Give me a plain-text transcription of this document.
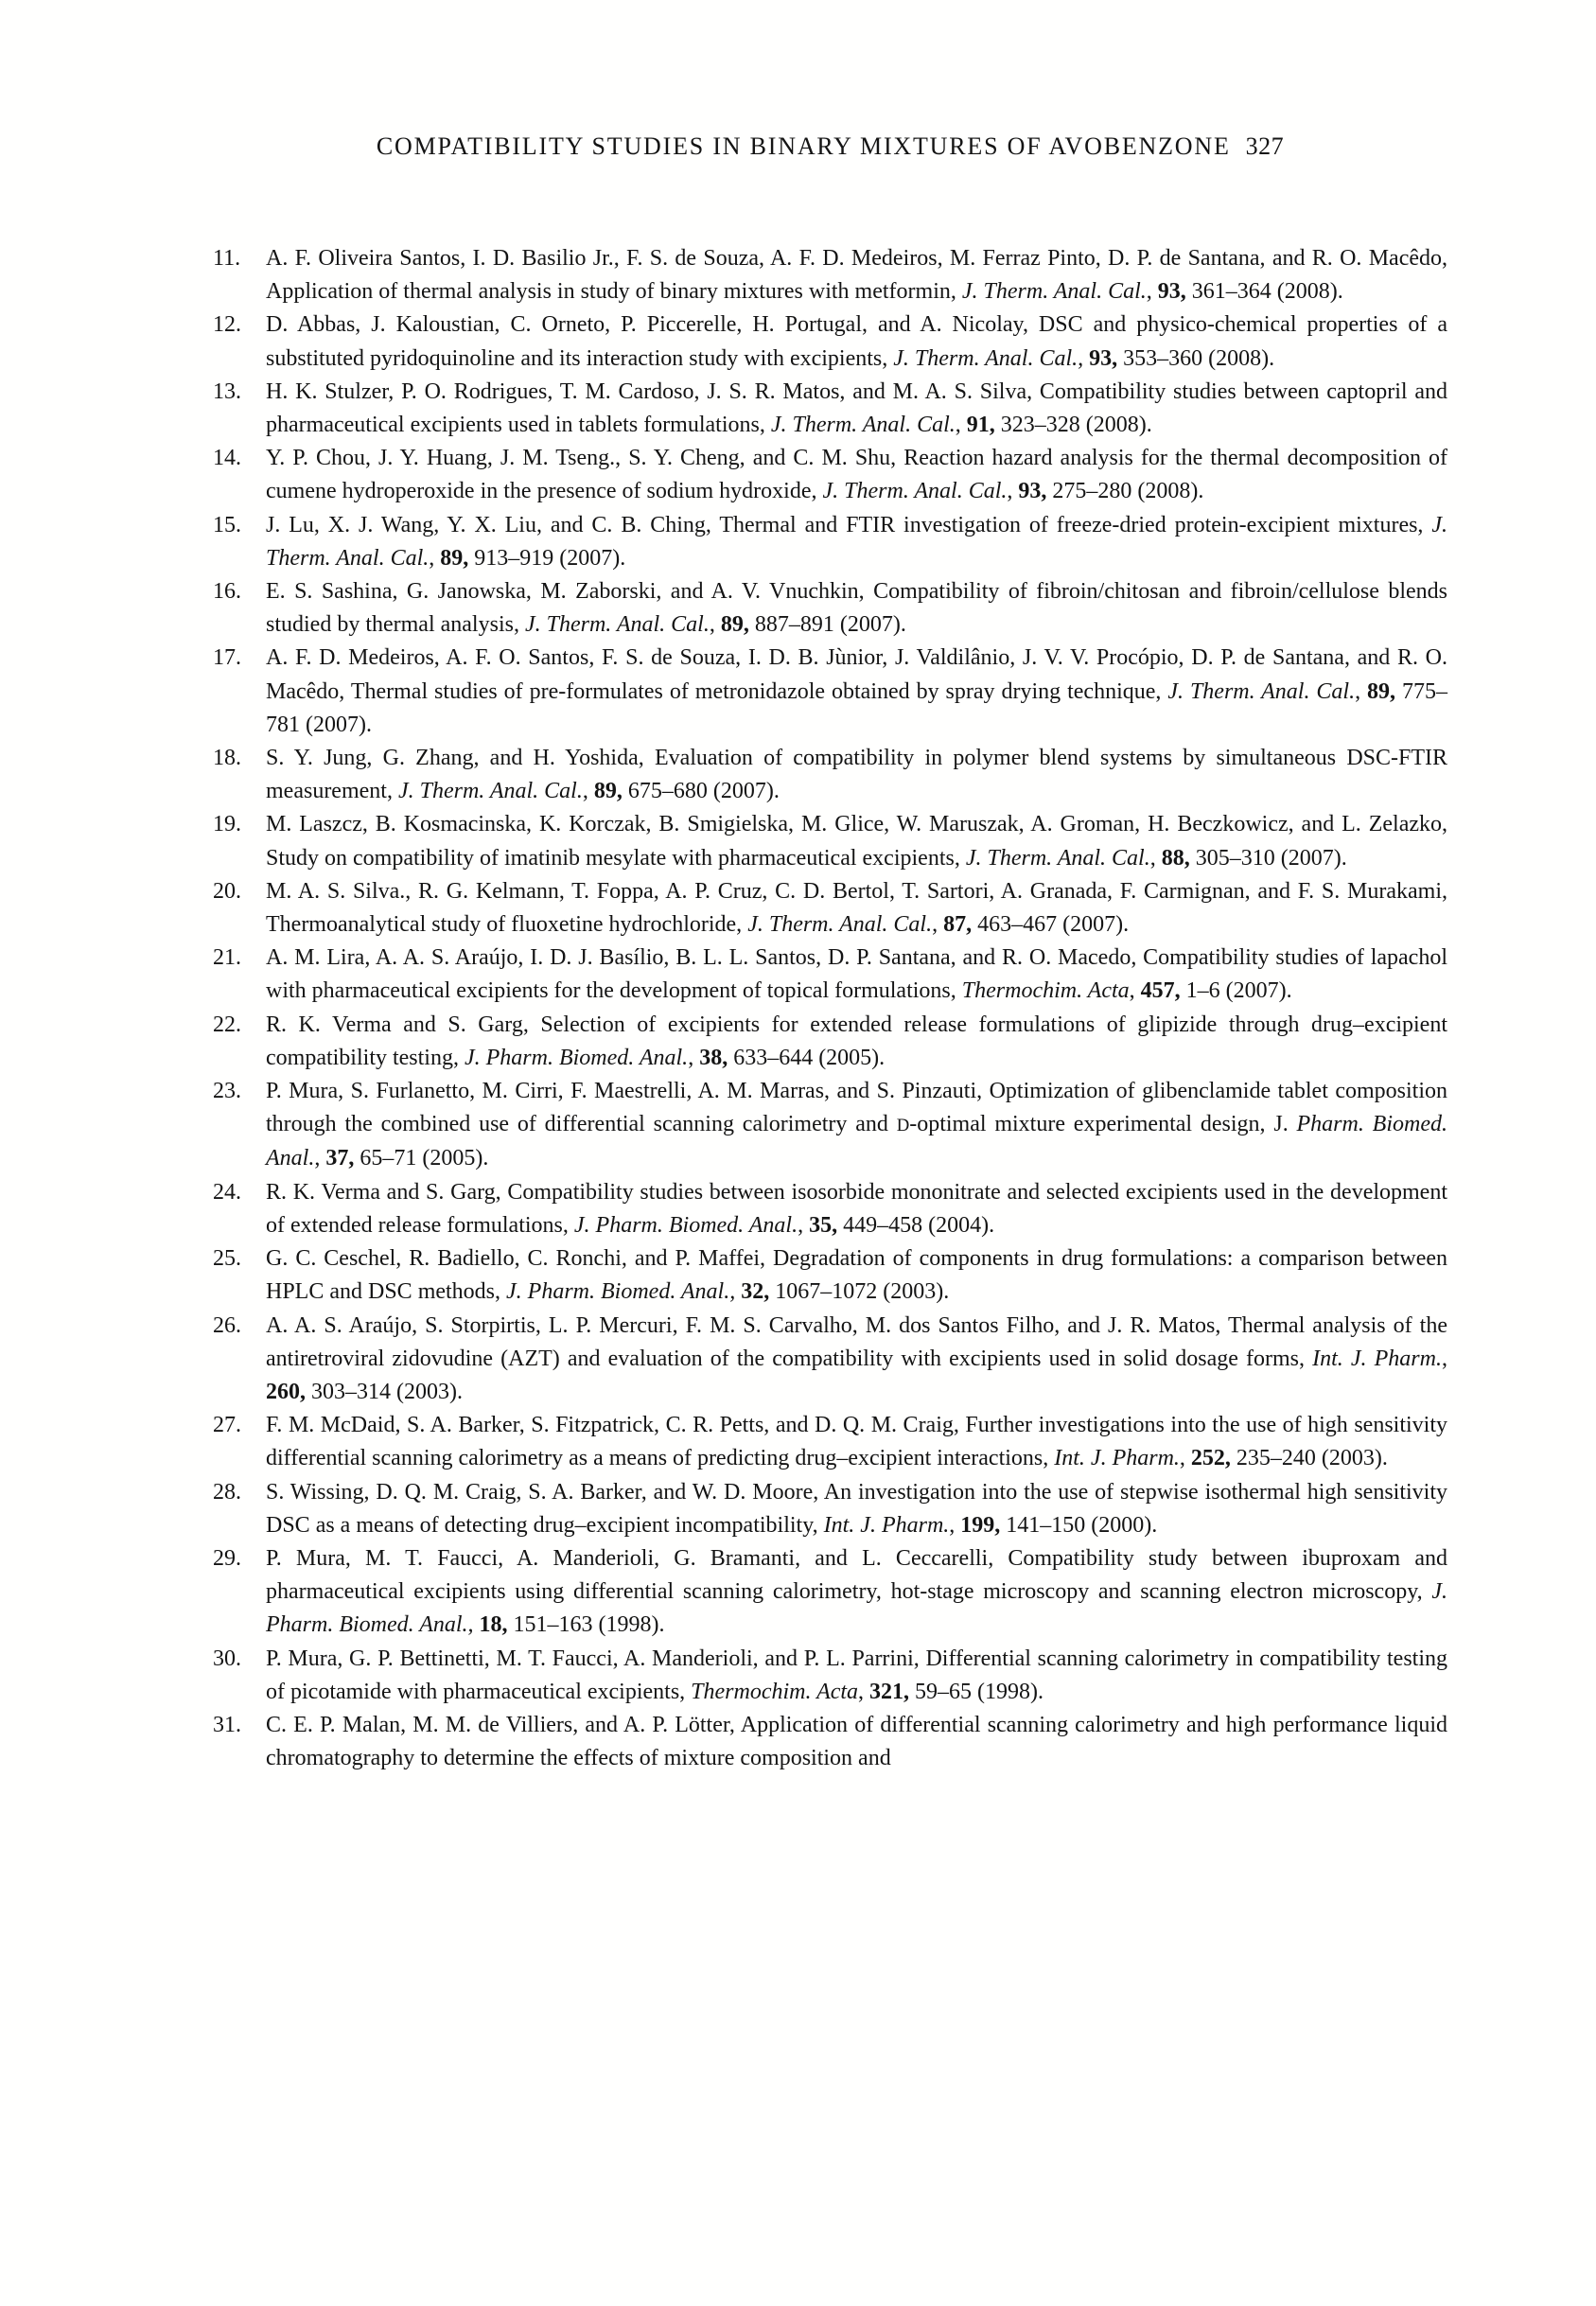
COMPATIBILITY STUDIES IN BINARY MIXTURES OF AVOBENZONE 327
11. A. F. Oliveira Santos, I. D. Basilio Jr., F. S. de Souza, A. F. D. Medeiros, M. Ferraz Pinto, D. P. de Santana, and R. O. Macêdo, Application of thermal analysis in study of binary mixtures with metformin, J. Therm. Anal. Cal., 93, 361–364 (2008).
12. D. Abbas, J. Kaloustian, C. Orneto, P. Piccerelle, H. Portugal, and A. Nicolay, DSC and physico-chemical properties of a substituted pyridoquinoline and its interaction study with excipients, J. Therm. Anal. Cal., 93, 353–360 (2008).
13. H. K. Stulzer, P. O. Rodrigues, T. M. Cardoso, J. S. R. Matos, and M. A. S. Silva, Compatibility studies between captopril and pharmaceutical excipients used in tablets formulations, J. Therm. Anal. Cal., 91, 323–328 (2008).
14. Y. P. Chou, J. Y. Huang, J. M. Tseng., S. Y. Cheng, and C. M. Shu, Reaction hazard analysis for the thermal decomposition of cumene hydroperoxide in the presence of sodium hydroxide, J. Therm. Anal. Cal., 93, 275–280 (2008).
15. J. Lu, X. J. Wang, Y. X. Liu, and C. B. Ching, Thermal and FTIR investigation of freeze-dried protein-excipient mixtures, J. Therm. Anal. Cal., 89, 913–919 (2007).
16. E. S. Sashina, G. Janowska, M. Zaborski, and A. V. Vnuchkin, Compatibility of fibroin/chitosan and fibroin/cellulose blends studied by thermal analysis, J. Therm. Anal. Cal., 89, 887–891 (2007).
17. A. F. D. Medeiros, A. F. O. Santos, F. S. de Souza, I. D. B. Jùnior, J. Valdilânio, J. V. V. Procópio, D. P. de Santana, and R. O. Macêdo, Thermal studies of pre-formulates of metronidazole obtained by spray drying technique, J. Therm. Anal. Cal., 89, 775–781 (2007).
18. S. Y. Jung, G. Zhang, and H. Yoshida, Evaluation of compatibility in polymer blend systems by simultaneous DSC-FTIR measurement, J. Therm. Anal. Cal., 89, 675–680 (2007).
19. M. Laszcz, B. Kosmacinska, K. Korczak, B. Smigielska, M. Glice, W. Maruszak, A. Groman, H. Beczkowicz, and L. Zelazko, Study on compatibility of imatinib mesylate with pharmaceutical excipients, J. Therm. Anal. Cal., 88, 305–310 (2007).
20. M. A. S. Silva., R. G. Kelmann, T. Foppa, A. P. Cruz, C. D. Bertol, T. Sartori, A. Granada, F. Carmignan, and F. S. Murakami, Thermoanalytical study of fluoxetine hydrochloride, J. Therm. Anal. Cal., 87, 463–467 (2007).
21. A. M. Lira, A. A. S. Araújo, I. D. J. Basílio, B. L. L. Santos, D. P. Santana, and R. O. Macedo, Compatibility studies of lapachol with pharmaceutical excipients for the development of topical formulations, Thermochim. Acta, 457, 1–6 (2007).
22. R. K. Verma and S. Garg, Selection of excipients for extended release formulations of glipizide through drug–excipient compatibility testing, J. Pharm. Biomed. Anal., 38, 633–644 (2005).
23. P. Mura, S. Furlanetto, M. Cirri, F. Maestrelli, A. M. Marras, and S. Pinzauti, Optimization of glibenclamide tablet composition through the combined use of differential scanning calorimetry and D-optimal mixture experimental design, J. Pharm. Biomed. Anal., 37, 65–71 (2005).
24. R. K. Verma and S. Garg, Compatibility studies between isosorbide mononitrate and selected excipients used in the development of extended release formulations, J. Pharm. Biomed. Anal., 35, 449–458 (2004).
25. G. C. Ceschel, R. Badiello, C. Ronchi, and P. Maffei, Degradation of components in drug formulations: a comparison between HPLC and DSC methods, J. Pharm. Biomed. Anal., 32, 1067–1072 (2003).
26. A. A. S. Araújo, S. Storpirtis, L. P. Mercuri, F. M. S. Carvalho, M. dos Santos Filho, and J. R. Matos, Thermal analysis of the antiretroviral zidovudine (AZT) and evaluation of the compatibility with excipients used in solid dosage forms, Int. J. Pharm., 260, 303–314 (2003).
27. F. M. McDaid, S. A. Barker, S. Fitzpatrick, C. R. Petts, and D. Q. M. Craig, Further investigations into the use of high sensitivity differential scanning calorimetry as a means of predicting drug–excipient interactions, Int. J. Pharm., 252, 235–240 (2003).
28. S. Wissing, D. Q. M. Craig, S. A. Barker, and W. D. Moore, An investigation into the use of stepwise isothermal high sensitivity DSC as a means of detecting drug–excipient incompatibility, Int. J. Pharm., 199, 141–150 (2000).
29. P. Mura, M. T. Faucci, A. Manderioli, G. Bramanti, and L. Ceccarelli, Compatibility study between ibuproxam and pharmaceutical excipients using differential scanning calorimetry, hot-stage microscopy and scanning electron microscopy, J. Pharm. Biomed. Anal., 18, 151–163 (1998).
30. P. Mura, G. P. Bettinetti, M. T. Faucci, A. Manderioli, and P. L. Parrini, Differential scanning calorimetry in compatibility testing of picotamide with pharmaceutical excipients, Thermochim. Acta, 321, 59–65 (1998).
31. C. E. P. Malan, M. M. de Villiers, and A. P. Lötter, Application of differential scanning calorimetry and high performance liquid chromatography to determine the effects of mixture composition and
